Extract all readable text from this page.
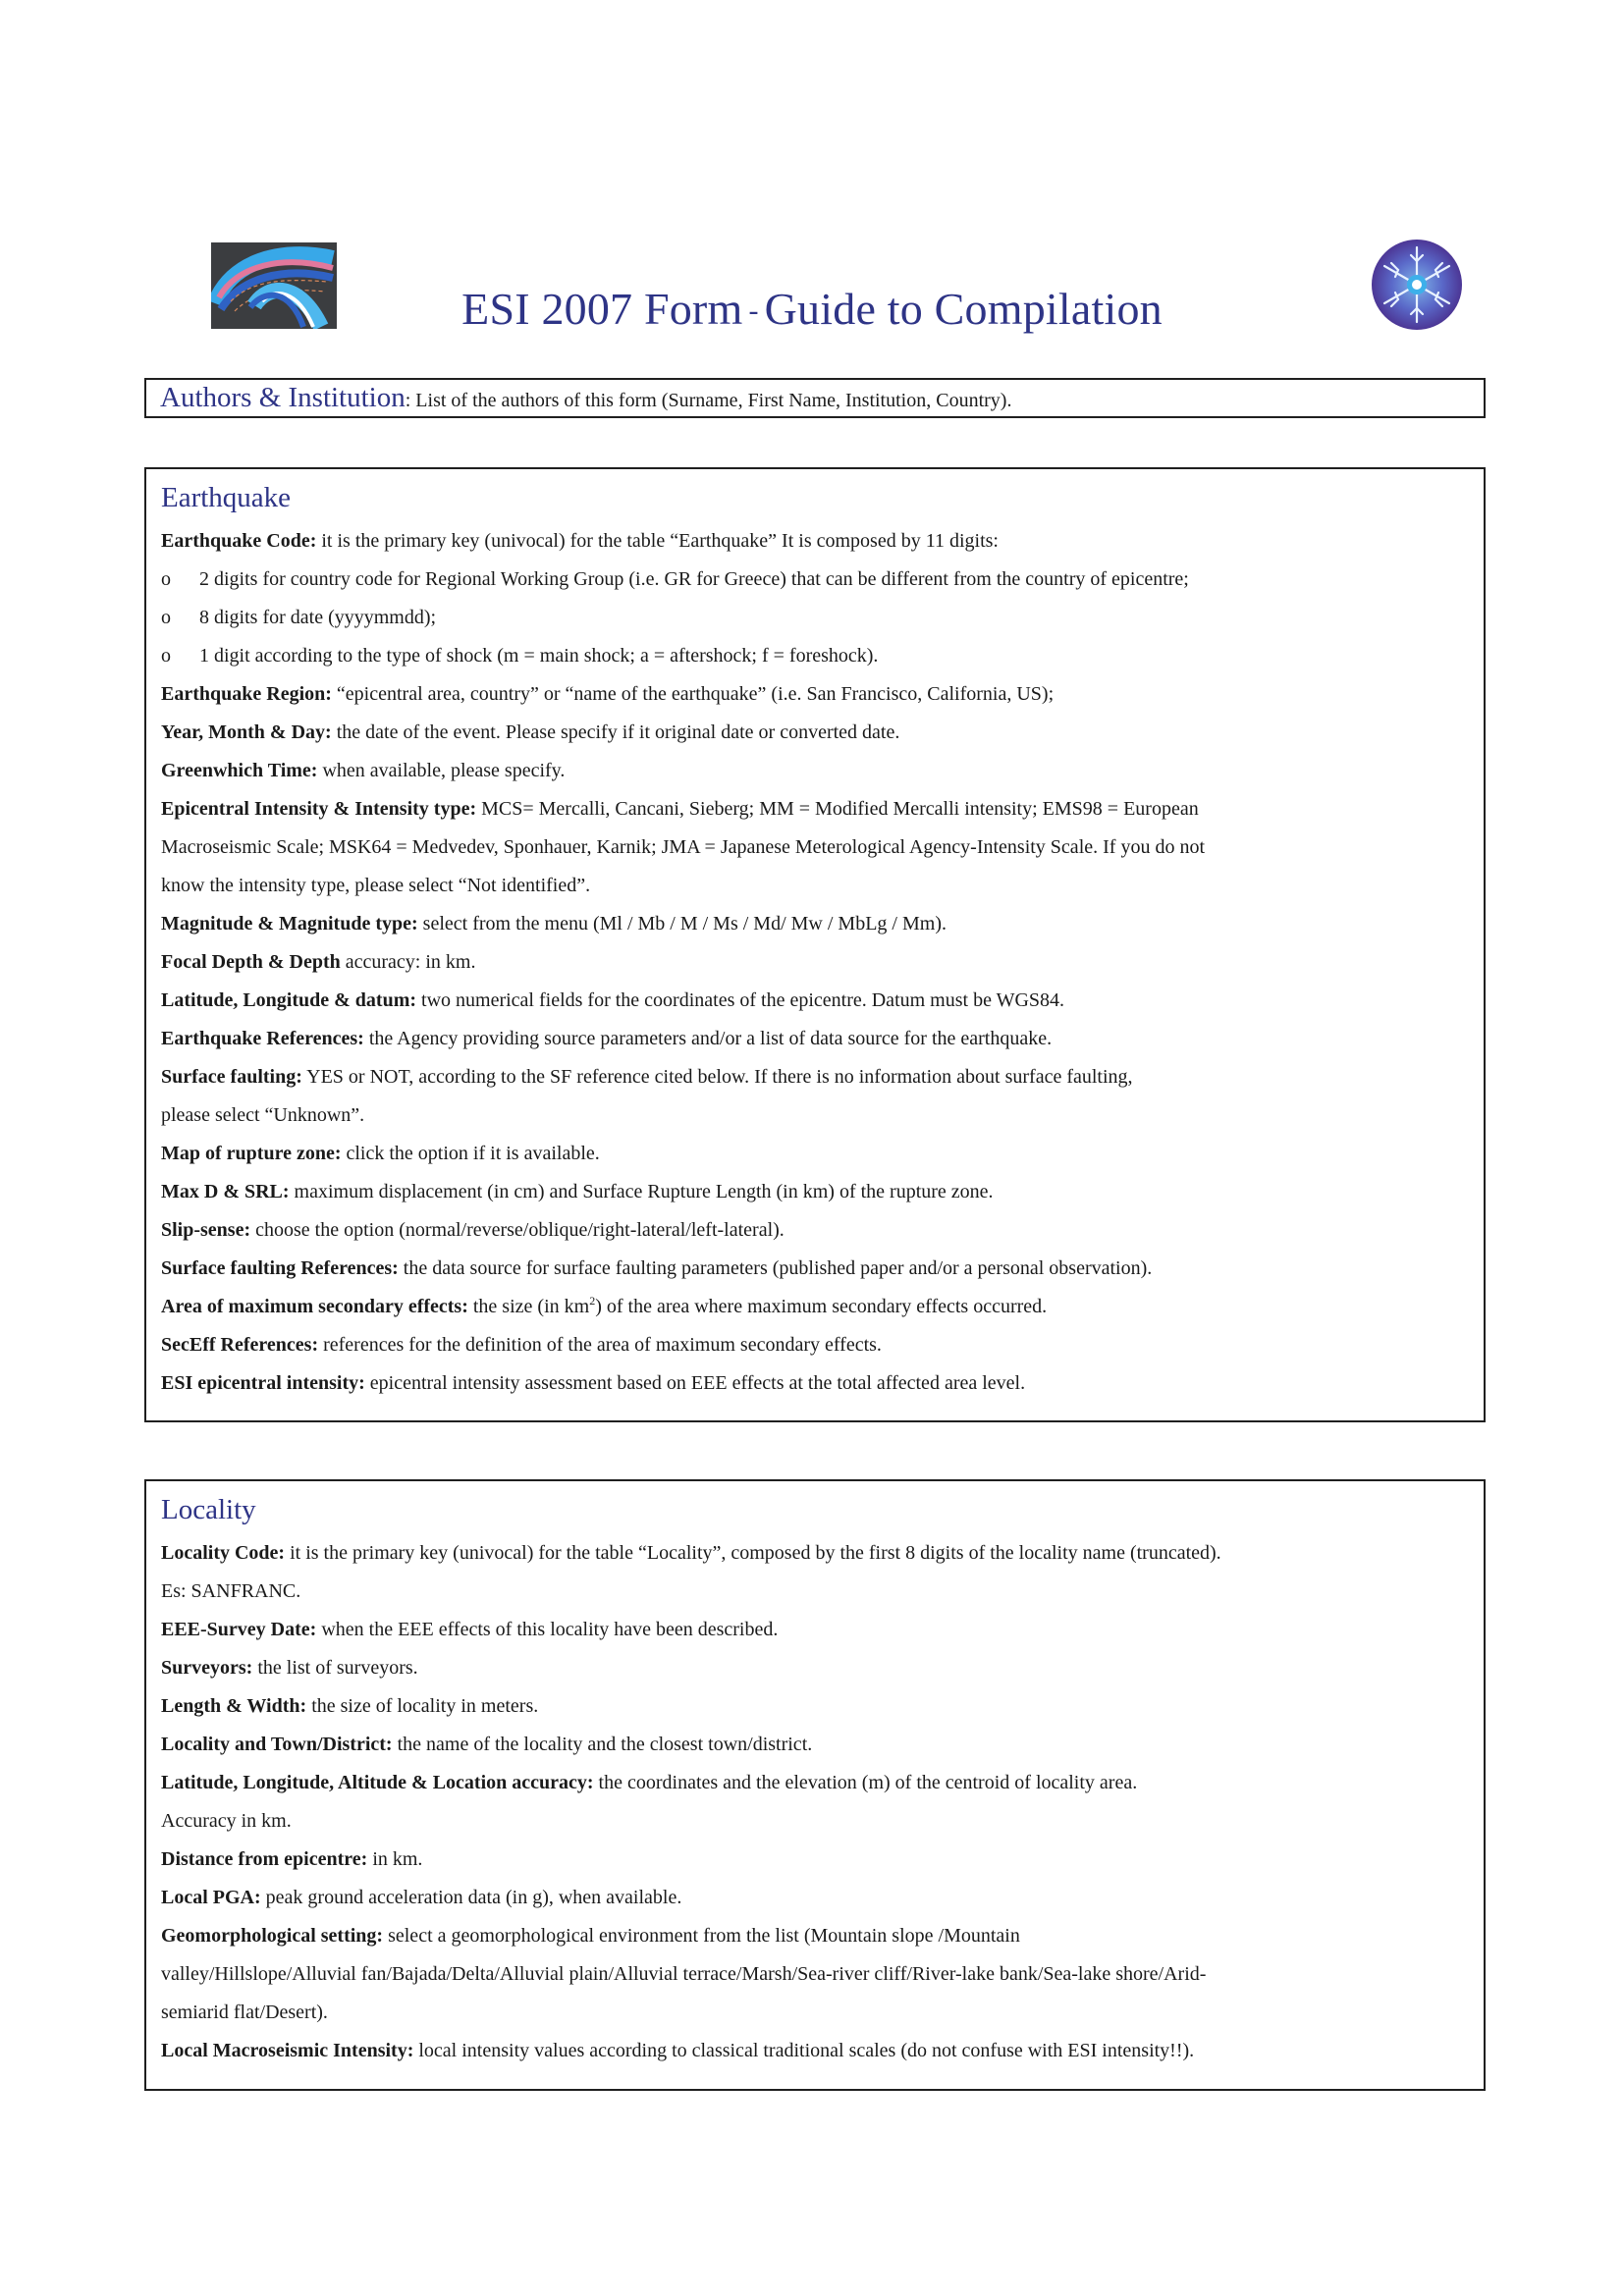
ESI 2007 Form - Guide to Compilation
Authors & Institution: List of the authors of this form (Surname, First Name, Institution, Country).
Earthquake
Earthquake Code: it is the primary key (univocal) for the table “Earthquake” It is composed by 11 digits:
o 2 digits for country code for Regional Working Group (i.e. GR for Greece) that can be different from the country of epicentre;
o 8 digits for date (yyyymmdd);
o 1 digit according to the type of shock (m = main shock; a = aftershock; f = foreshock).
Earthquake Region: “epicentral area, country” or “name of the earthquake” (i.e. San Francisco, California, US);
Year, Month & Day: the date of the event. Please specify if it original date or converted date.
Greenwhich Time: when available, please specify.
Epicentral Intensity & Intensity type: MCS= Mercalli, Cancani, Sieberg; MM = Modified Mercalli intensity; EMS98 = European
Macroseismic Scale; MSK64 = Medvedev, Sponhauer, Karnik; JMA = Japanese Meterological Agency-Intensity Scale. If you do not
know the intensity type, please select “Not identified”.
Magnitude & Magnitude type: select from the menu (Ml / Mb / M / Ms / Md/ Mw / MbLg / Mm).
Focal Depth & Depth accuracy: in km.
Latitude, Longitude & datum: two numerical fields for the coordinates of the epicentre. Datum must be WGS84.
Earthquake References: the Agency providing source parameters and/or a list of data source for the earthquake.
Surface faulting: YES or NOT, according to the SF reference cited below. If there is no information about surface faulting,
please select “Unknown”.
Map of rupture zone: click the option if it is available.
Max D & SRL: maximum displacement (in cm) and Surface Rupture Length (in km) of the rupture zone.
Slip-sense: choose the option (normal/reverse/oblique/right-lateral/left-lateral).
Surface faulting References: the data source for surface faulting parameters (published paper and/or a personal observation).
Area of maximum secondary effects: the size (in $km^2$) of the area where maximum secondary effects occurred.
SecEff References: references for the definition of the area of maximum secondary effects.
ESI epicentral intensity: epicentral intensity assessment based on EEE effects at the total affected area level.
Locality
Locality Code: it is the primary key (univocal) for the table “Locality”, composed by the first 8 digits of the locality name (truncated).
Es: SANFRANC.
EEE-Survey Date: when the EEE effects of this locality have been described.
Surveyors: the list of surveyors.
Length & Width: the size of locality in meters.
Locality and Town/District: the name of the locality and the closest town/district.
Latitude, Longitude, Altitude & Location accuracy: the coordinates and the elevation (m) of the centroid of locality area.
Accuracy in km.
Distance from epicentre: in km.
Local PGA: peak ground acceleration data (in g), when available.
Geomorphological setting: select a geomorphological environment from the list (Mountain slope /Mountain
valley/Hillslope/Alluvial fan/Bajada/Delta/Alluvial plain/Alluvial terrace/Marsh/Sea-river cliff/River-lake bank/Sea-lake shore/Arid-
semiarid flat/Desert).
Local Macroseismic Intensity: local intensity values according to classical traditional scales (do not confuse with ESI intensity!!).
